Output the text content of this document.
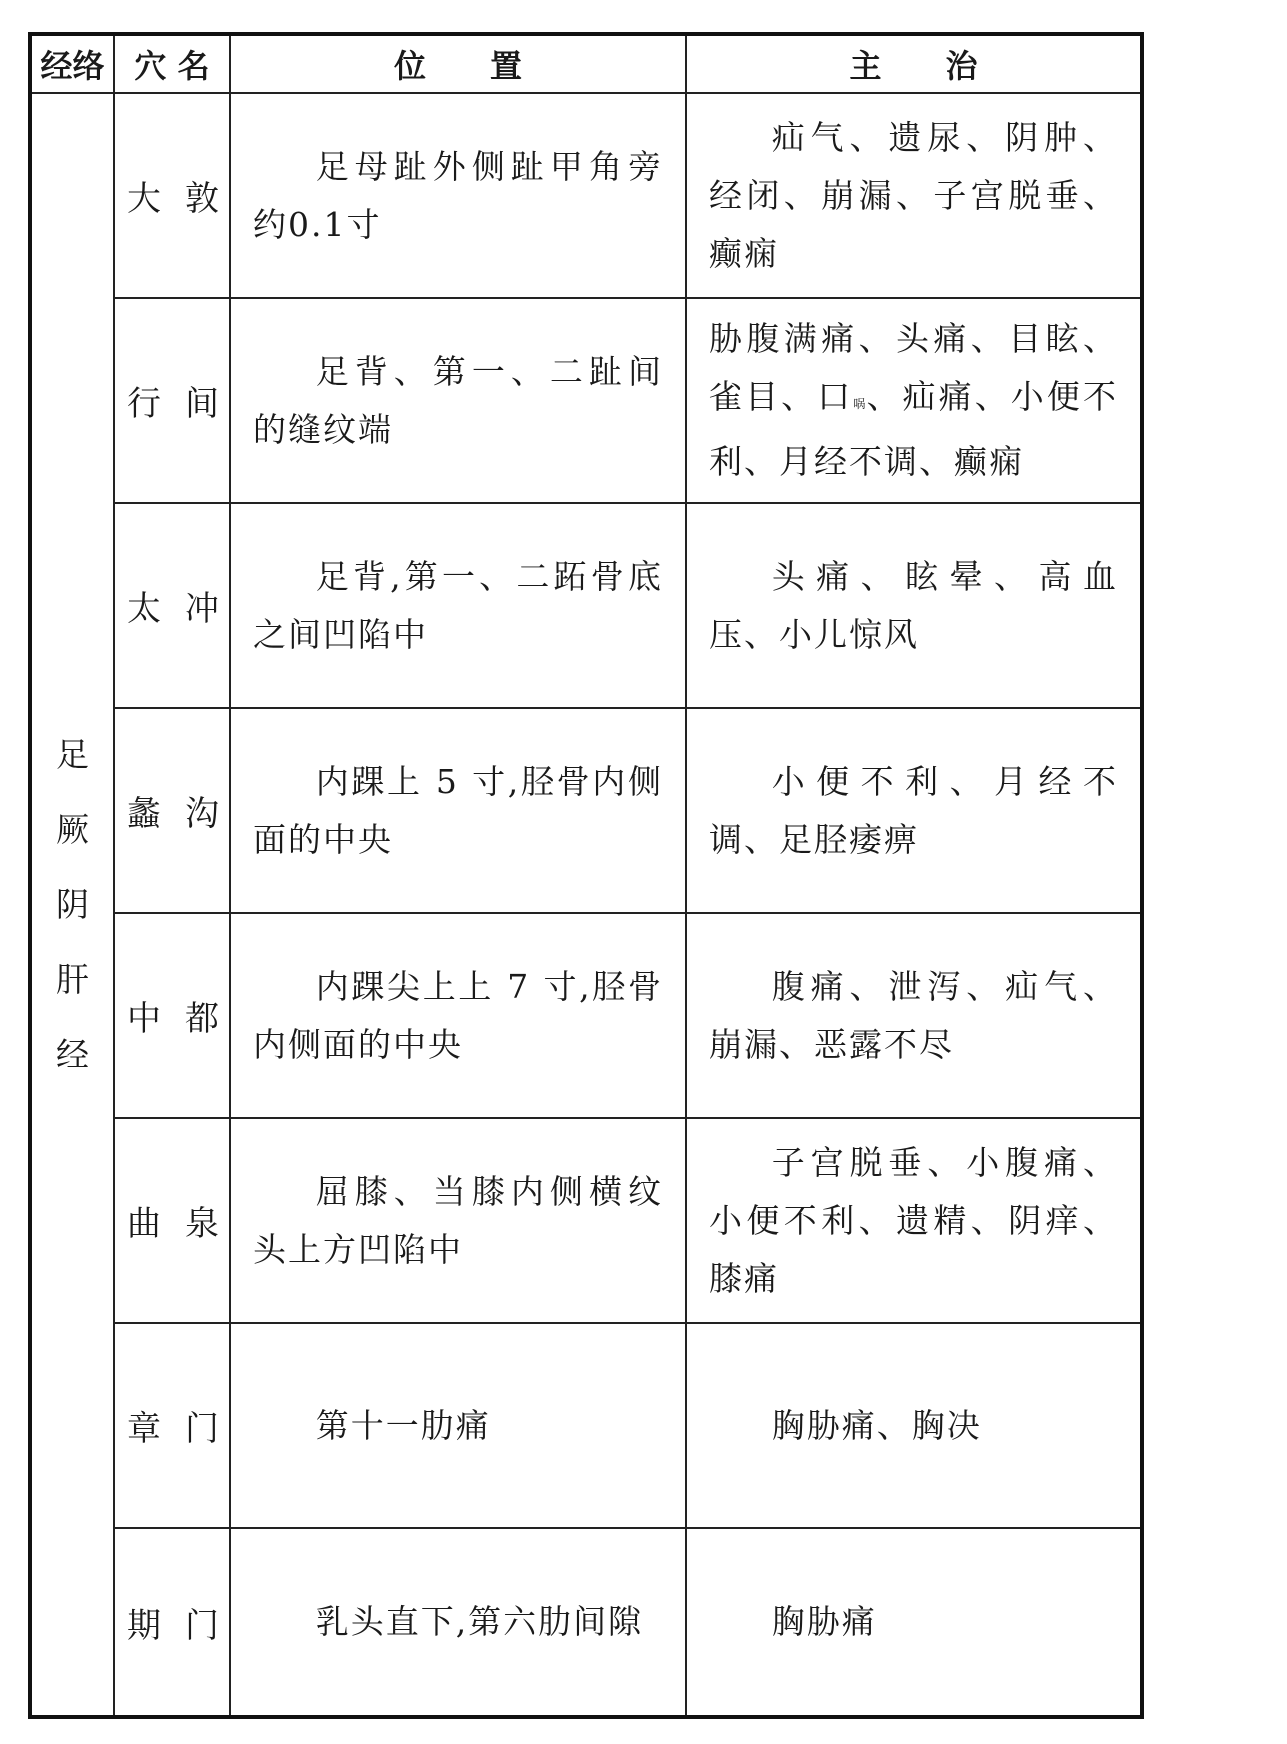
经络	穴 名	位　　置	主　　治

足
厥
阴
肝
经	大 敦	足母趾外侧趾甲角旁约0.1寸	疝气、遗尿、阴肿、经闭、崩漏、子宫脱垂、癫痫

	行 间	足背、第一、二趾间的缝纹端	胁腹满痛、头痛、目眩、雀目、口㖞、疝痛、小便不利、月经不调、癫痫

	太 冲	足背,第一、二跖骨底之间凹陷中	头痛、眩晕、高血压、小儿惊风

	蠡 沟	内踝上 5 寸,胫骨内侧面的中央	小便不利、月经不调、足胫痿痹

	中 都	内踝尖上上 7 寸,胫骨内侧面的中央	腹痛、泄泻、疝气、崩漏、恶露不尽

	曲 泉	屈膝、当膝内侧横纹头上方凹陷中	子宫脱垂、小腹痛、小便不利、遗精、阴痒、膝痛

	章 门	第十一肋痛	胸胁痛、胸决

	期 门	乳头直下,第六肋间隙	胸胁痛
